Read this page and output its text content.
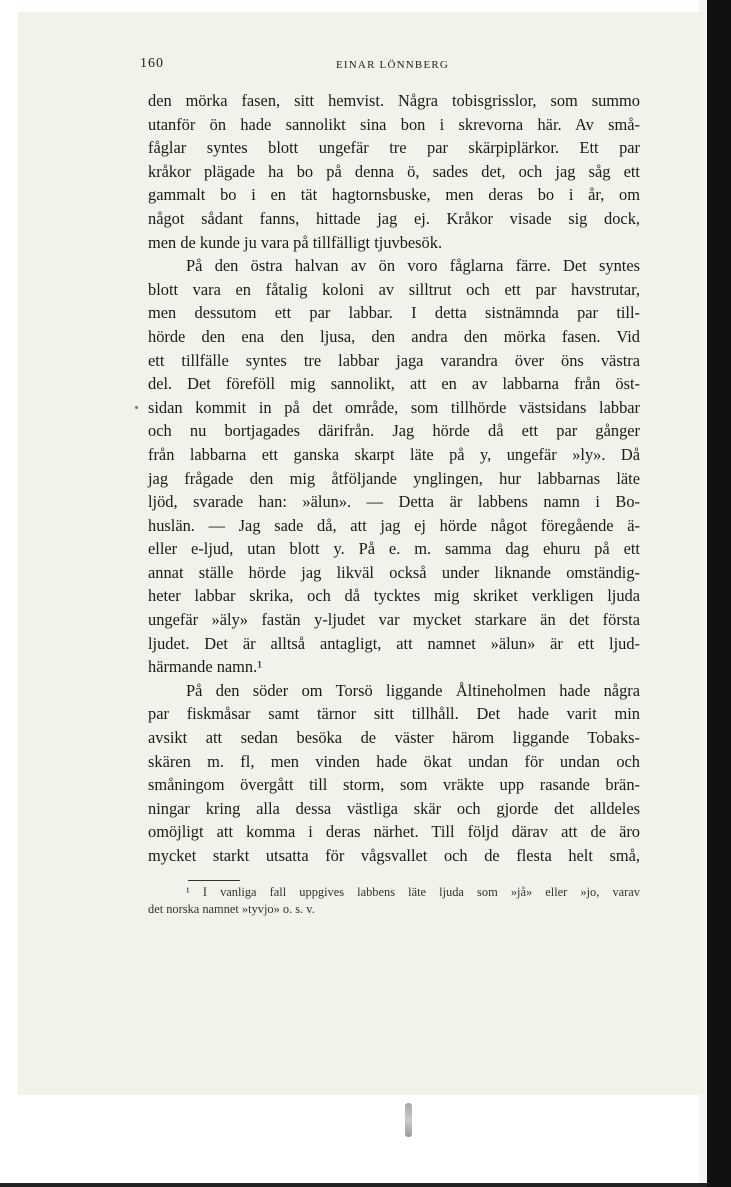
160	EINAR LÖNNBERG
den mörka fasen, sitt hemvist. Några tobisgrisslor, som summo
utanför ön hade sannolikt sina bon i skrevorna här. Av små-
fåglar syntes blott ungefär tre par skärpiplärkor. Ett par
kråkor plägade ha bo på denna ö, sades det, och jag såg ett
gammalt bo i en tät hagtornsbuske, men deras bo i år, om
något sådant fanns, hittade jag ej. Kråkor visade sig dock,
men de kunde ju vara på tillfälligt tjuvbesök.
På den östra halvan av ön voro fåglarna färre. Det syntes
blott vara en fåtalig koloni av silltrut och ett par havstrutar,
men dessutom ett par labbar. I detta sistnämnda par till-
hörde den ena den ljusa, den andra den mörka fasen. Vid
ett tillfälle syntes tre labbar jaga varandra över öns västra
del. Det föreföll mig sannolikt, att en av labbarna från öst-
sidan kommit in på det område, som tillhörde västsidans labbar
och nu bortjagades därifrån. Jag hörde då ett par gånger
från labbarna ett ganska skarpt läte på y, ungefär »ly». Då
jag frågade den mig åtföljande ynglingen, hur labbarnas läte
ljöd, svarade han: »älun». — Detta är labbens namn i Bo-
huslän. — Jag sade då, att jag ej hörde något föregående ä-
eller e-ljud, utan blott y. På e. m. samma dag ehuru på ett
annat ställe hörde jag likväl också under liknande omständig-
heter labbar skrika, och då tycktes mig skriket verkligen ljuda
ungefär »äly» fastän y-ljudet var mycket starkare än det första
ljudet. Det är alltså antagligt, att namnet »älun» är ett ljud-
härmande namn.¹
På den söder om Torsö liggande Åltineholmen hade några
par fiskmåsar samt tärnor sitt tillhåll. Det hade varit min
avsikt att sedan besöka de väster härom liggande Tobaks-
skären m. fl, men vinden hade ökat undan för undan och
småningom övergått till storm, som vräkte upp rasande brän-
ningar kring alla dessa västliga skär och gjorde det alldeles
omöjligt att komma i deras närhet. Till följd därav att de äro
mycket starkt utsatta för vågsvallet och de flesta helt små,
¹ I vanliga fall uppgives labbens läte ljuda som »jå» eller »jo, varav
det norska namnet »tyvjo» o. s. v.
